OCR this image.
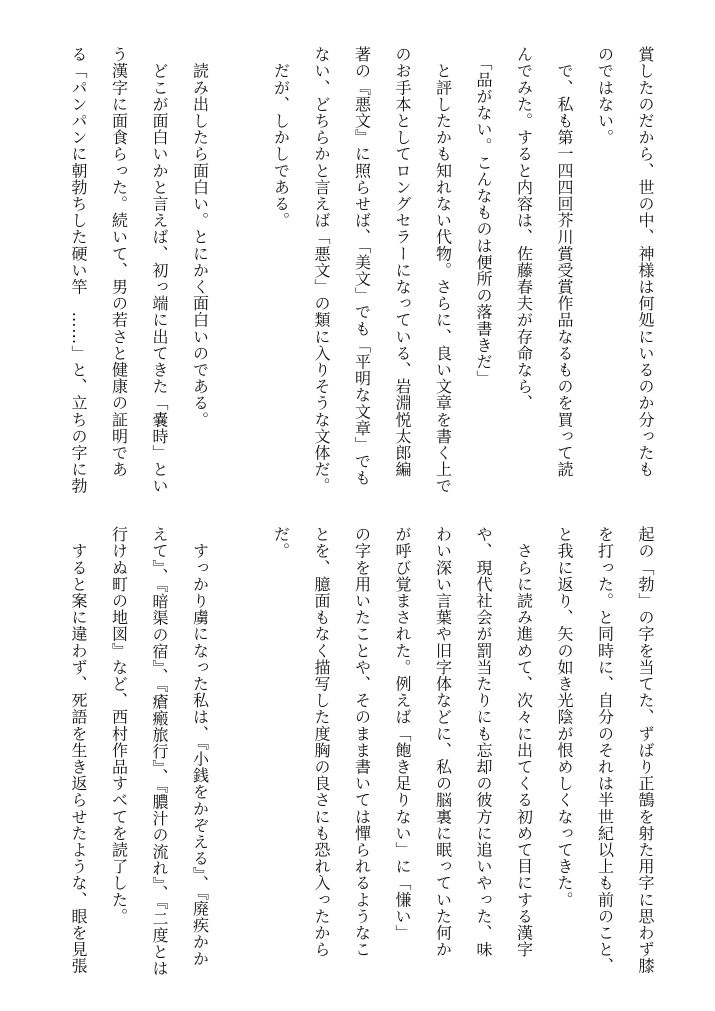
賞したのだから、世の中、神様は何処にいるのか分ったも
のではない。
　で、私も第一四四回芥川賞受賞作品なるものを買って読
んでみた。すると内容は、佐藤春夫が存命なら、
　「品がない。こんなものは便所の落書きだ」
　と評したかも知れない代物。さらに、良い文章を書く上で
のお手本としてロングセラーになっている、岩淵悦太郎編
著の『悪文』に照らせば、「美文」でも「平明な文章」でも
ない、どちらかと言えば「悪文」の類に入りそうな文体だ。
　だが、しかしである。

　読み出したら面白い。とにかく面白いのである。
　どこが面白いかと言えば、初っ端に出てきた「嚢時」とい
う漢字に面食らった。続いて、男の若さと健康の証明であ
る「パンパンに朝勃ちした硬い竿　……」と、立ちの字に勃
起の「勃」の字を当てた、ずばり正鵠を射た用字に思わず膝
を打った。と同時に、自分のそれは半世紀以上も前のこと、
と我に返り、矢の如き光陰が恨めしくなってきた。
　さらに読み進めて、次々に出てくる初めて目にする漢字
や、現代社会が罰当たりにも忘却の彼方に追いやった、味
わい深い言葉や旧字体などに、私の脳裏に眠っていた何か
が呼び覚まされた。例えば「飽き足りない」に「慊い」
の字を用いたことや、そのまま書いては憚られるようなこ
とを、臆面もなく描写した度胸の良さにも恐れ入ったから
だ。

　すっかり虜になった私は、『小銭をかぞえる』、『廃疾かか
えて』、『暗渠の宿』、『瘡瘢旅行』、『膿汁の流れ』、『二度とは
行けぬ町の地図』など、西村作品すべてを読了した。
　すると案に違わず、死語を生き返らせたような、眼を見張
